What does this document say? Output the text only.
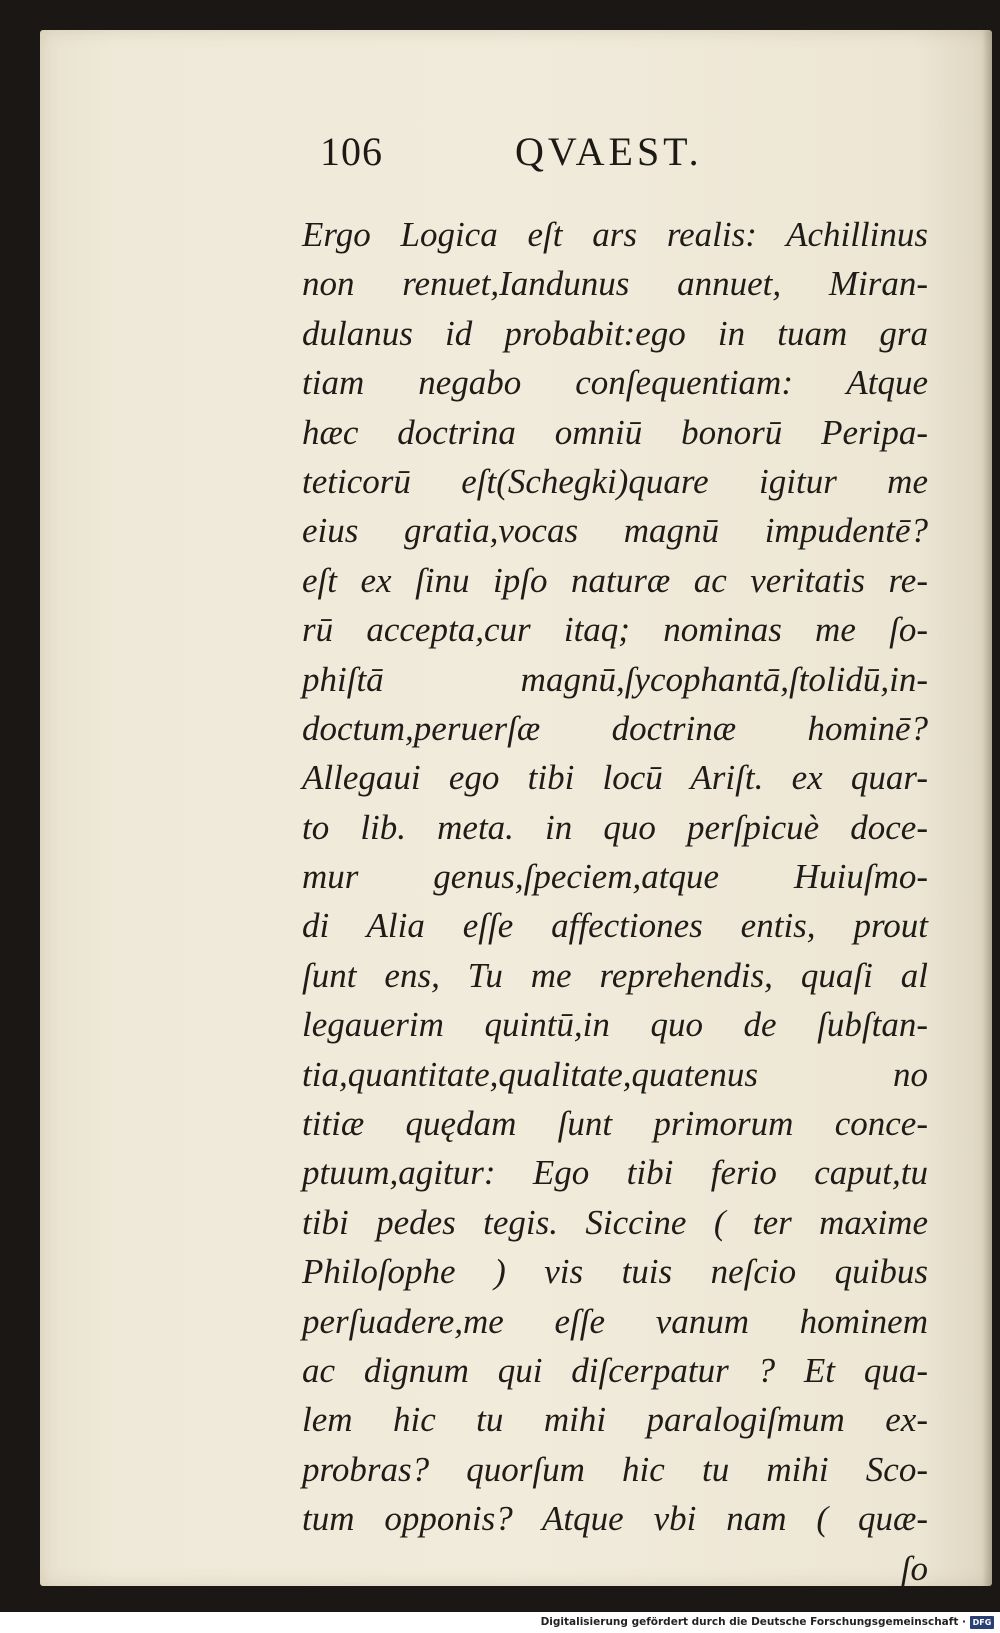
106	QVAEST.
Ergo Logica eſt ars realis: Achillinus
non renuet,Iandunus annuet, Miran-
dulanus id probabit:ego in tuam gra
tiam negabo conſequentiam: Atque
hæc doctrina omniū bonorū Peripa-
teticorū eſt(Schegki)quare igitur me
eius gratia,vocas magnū impudentē?
eſt ex ſinu ipſo naturæ ac veritatis re-
rū accepta,cur itaq; nominas me ſo-
phiſtā magnū,ſycophantā,ſtolidū,in-
doctum,peruerſæ doctrinæ hominē?
Allegaui ego tibi locū Ariſt. ex quar-
to lib. meta. in quo perſpicuè doce-
mur genus,ſpeciem,atque Huiuſmo-
di Alia eſſe affectiones entis, prout
ſunt ens, Tu me reprehendis, quaſi al
legauerim quintū,in quo de ſubſtan-
tia,quantitate,qualitate,quatenus no
titiæ quędam ſunt primorum conce-
ptuum,agitur: Ego tibi ferio caput,tu
tibi pedes tegis. Siccine ( ter maxime
Philoſophe ) vis tuis neſcio quibus
perſuadere,me eſſe vanum hominem
ac dignum qui diſcerpatur ? Et qua-
lem hic tu mihi paralogiſmum ex-
probras? quorſum hic tu mihi Sco-
tum opponis? Atque vbi nam ( quæ-
ſo
Digitalisierung gefördert durch die Deutsche Forschungsgemeinschaft · DFG
